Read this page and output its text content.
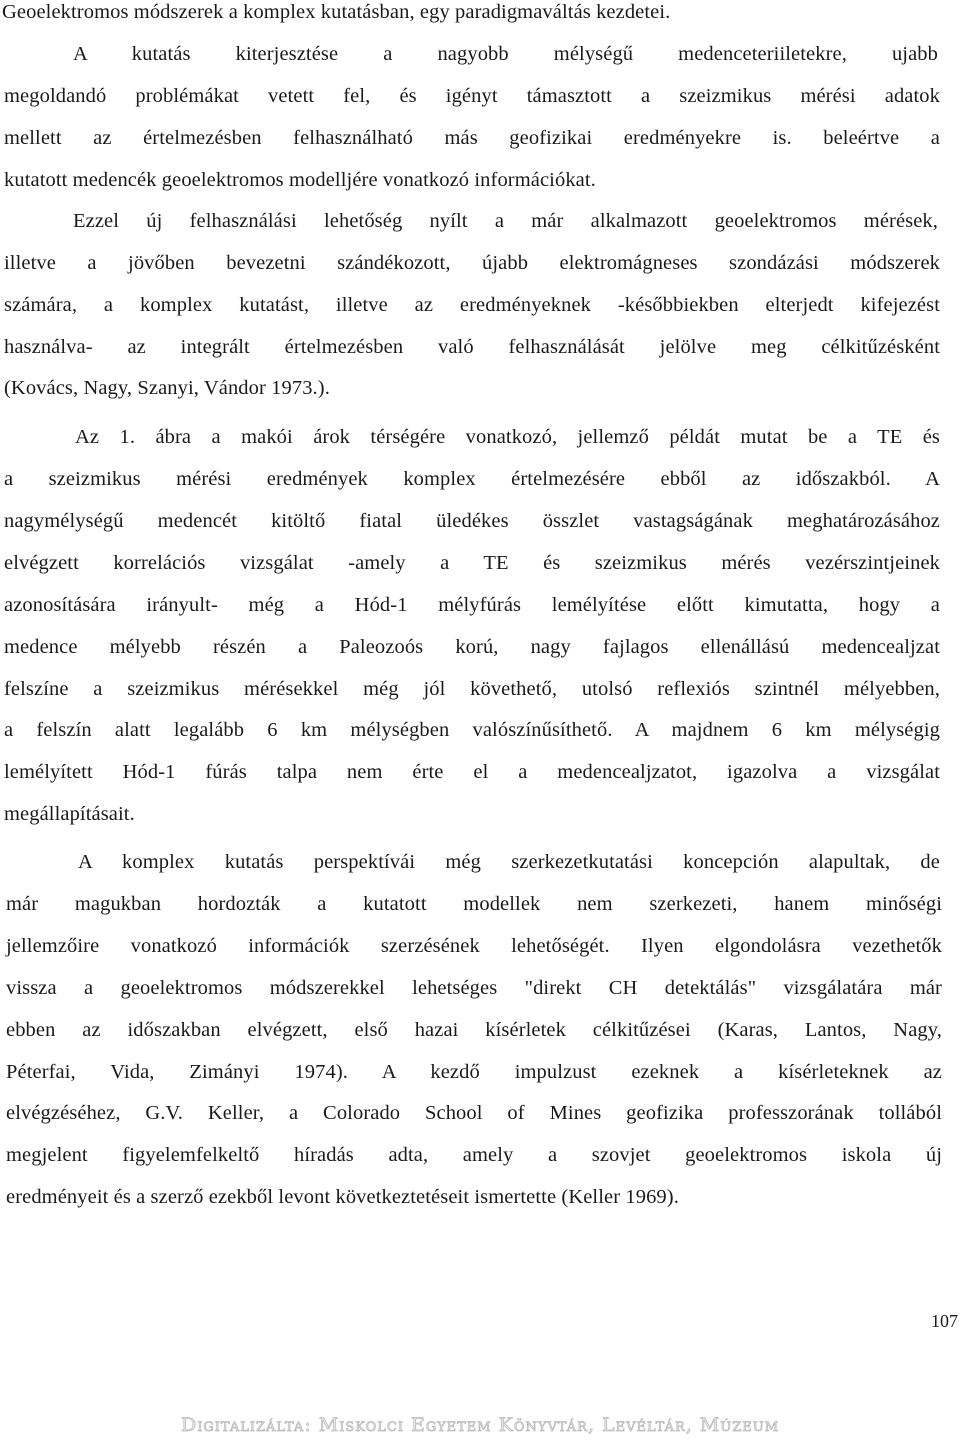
Geoelektromos módszerek a komplex kutatásban, egy paradigmaváltás kezdetei.
A kutatás kiterjesztése a nagyobb mélységű medenceteriiletekre, ujabb
megoldandó problémákat vetett fel, és igényt támasztott a szeizmikus mérési adatok
mellett az értelmezésben felhasználható más geofizikai eredményekre is. beleértve a
kutatott medencék geoelektromos modelljére vonatkozó információkat.
Ezzel új felhasználási lehetőség nyílt a már alkalmazott geoelektromos mérések,
illetve a jövőben bevezetni szándékozott, újabb elektromágneses szondázási módszerek
számára, a komplex kutatást, illetve az eredményeknek -későbbiekben elterjedt kifejezést
használva- az integrált értelmezésben való felhasználását jelölve meg célkitűzésként
(Kovács, Nagy, Szanyi, Vándor 1973.).
Az 1. ábra a makói árok térségére vonatkozó, jellemző példát mutat be a TE és
a szeizmikus mérési eredmények komplex értelmezésére ebből az időszakból. A
nagymélységű medencét kitöltő fiatal üledékes összlet vastagságának meghatározásához
elvégzett korrelációs vizsgálat -amely a TE és szeizmikus mérés vezérszintjeinek
azonosítására irányult- még a Hód-1 mélyfúrás lemélyítése előtt kimutatta, hogy a
medence mélyebb részén a Paleozoós korú, nagy fajlagos ellenállású medencealjzat
felszíne a szeizmikus mérésekkel még jól követhető, utolsó reflexiós szintnél mélyebben,
a felszín alatt legalább 6 km mélységben valószínűsíthető. A majdnem 6 km mélységig
lemélyített Hód-1 fúrás talpa nem érte el a medencealjzatot, igazolva a vizsgálat
megállapításait.
A komplex kutatás perspektívái még szerkezetkutatási koncepción alapultak, de
már magukban hordozták a kutatott modellek nem szerkezeti, hanem minőségi
jellemzőire vonatkozó információk szerzésének lehetőségét. Ilyen elgondolásra vezethetők
vissza a geoelektromos módszerekkel lehetséges "direkt CH detektálás" vizsgálatára már
ebben az időszakban elvégzett, első hazai kísérletek célkitűzései (Karas, Lantos, Nagy,
Péterfai, Vida, Zimányi 1974). A kezdő impulzust ezeknek a kísérleteknek az
elvégzéséhez, G.V. Keller, a Colorado School of Mines geofizika professzorának tollából
megjelent figyelemfelkeltő híradás adta, amely a szovjet geoelektromos iskola új
eredményeit és a szerző ezekből levont következtetéseit ismertette (Keller 1969).
107
Digitalizálta: Miskolci Egyetem Könyvtár, Levéltár, Múzeum
